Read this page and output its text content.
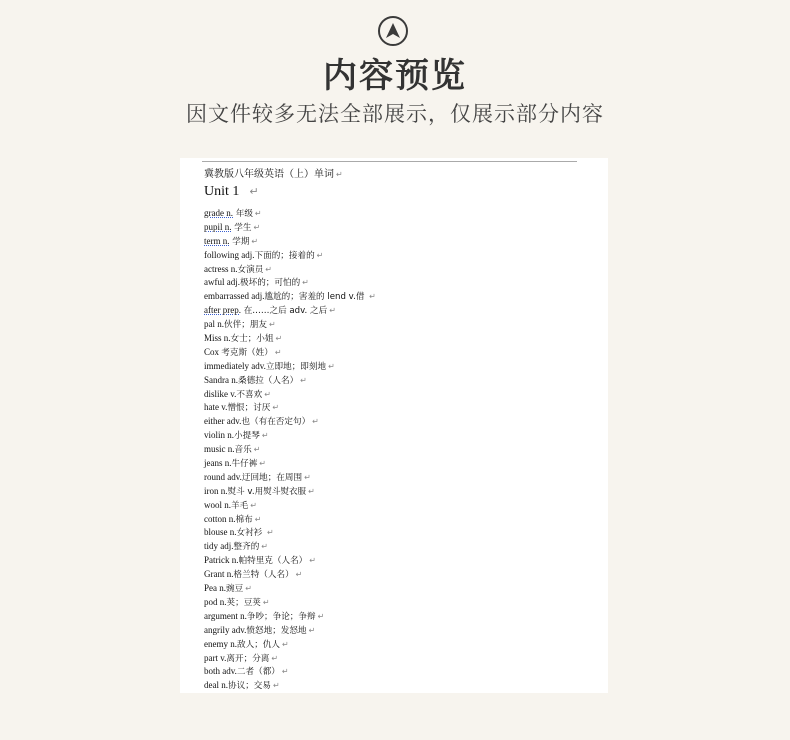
内容预览
因文件较多无法全部展示，仅展示部分内容
冀教版八年级英语（上）单词 ↵
Unit 1 ↵
grade n. 年级 ↵
pupil n. 学生 ↵
term n. 学期 ↵
following adj.下面的；接着的 ↵
actress n.女演员 ↵
awful adj.极坏的；可怕的 ↵
embarrassed adj.尴尬的；害羞的 lend v.借 ↵
after prep. 在……之后 adv. 之后 ↵
pal n.伙伴；朋友 ↵
Miss n.女士；小姐 ↵
Cox 考克斯（姓） ↵
immediately adv.立即地；即刻地 ↵
Sandra n.桑德拉（人名） ↵
dislike v.不喜欢 ↵
hate v.憎恨；讨厌 ↵
either adv.也（有在否定句） ↵
violin n.小提琴 ↵
music n.音乐 ↵
jeans n.牛仔裤 ↵
round adv.迂回地；在周围 ↵
iron n.熨斗 v.用熨斗熨衣服 ↵
wool n.羊毛 ↵
cotton n.棉布 ↵
blouse n.女衬衫 ↵
tidy adj.整齐的 ↵
Patrick n.帕特里克（人名） ↵
Grant n.格兰特（人名） ↵
Pea n.豌豆 ↵
pod n.荚；豆荚 ↵
argument n.争吵；争论；争辩 ↵
angrily adv.愤怒地；发怒地 ↵
enemy n.敌人；仇人 ↵
part v.离开；分离 ↵
both adv.二者（都） ↵
deal n.协议；交易 ↵
